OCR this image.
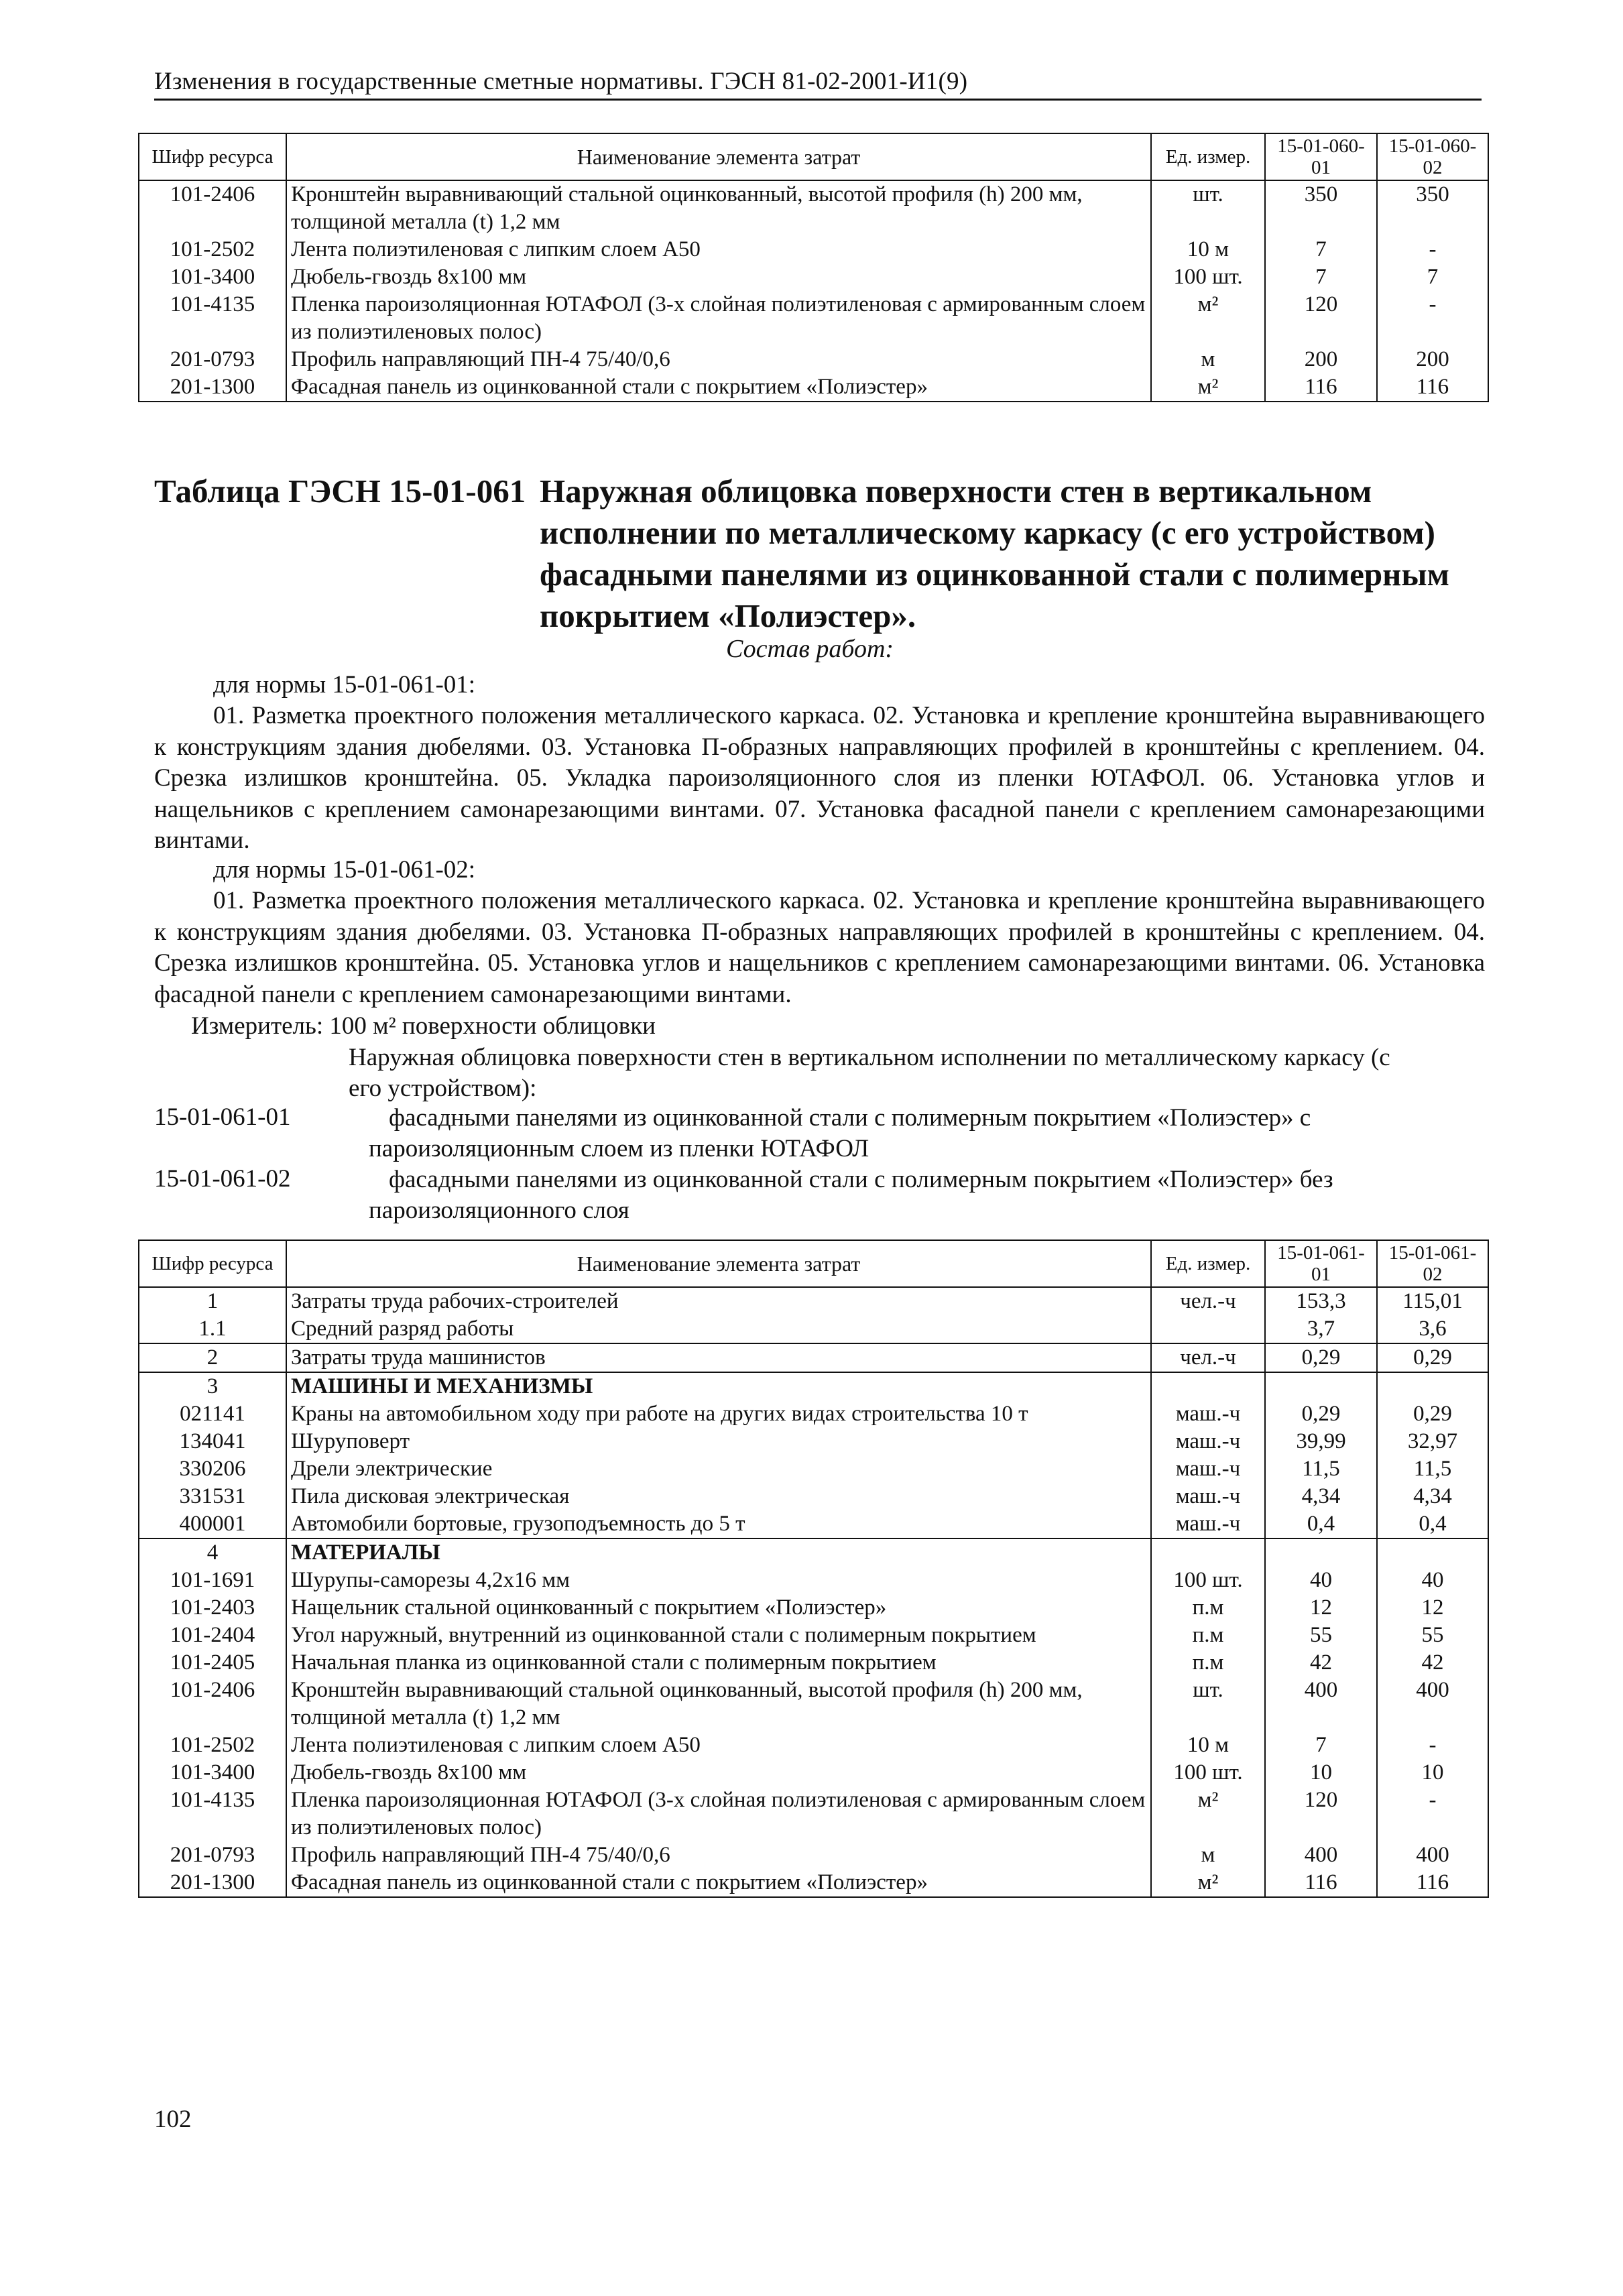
Изменения в государственные сметные нормативы. ГЭСН 81-02-2001-И1(9)
Шифр ресурса	Наименование элемента затрат	Ед. измер.	15-01-060-01	15-01-060-02
101-2406	Кронштейн выравнивающий стальной оцинкованный, высотой профиля (h) 200 мм, толщиной металла (t) 1,2 мм	шт.	350	350
101-2502	Лента полиэтиленовая с липким слоем А50	10 м	7	-
101-3400	Дюбель-гвоздь 8х100 мм	100 шт.	7	7
101-4135	Пленка пароизоляционная ЮТАФОЛ (3-х слойная полиэтиленовая с армированным слоем из полиэтиленовых полос)	м²	120	-
201-0793	Профиль направляющий ПН-4 75/40/0,6	м	200	200
201-1300	Фасадная панель из оцинкованной стали с покрытием «Полиэстер»	м²	116	116
Таблица ГЭСН 15-01-061 Наружная облицовка поверхности стен в вертикальном исполнении по металлическому каркасу (с его устройством) фасадными панелями из оцинкованной стали с полимерным покрытием «Полиэстер».
Состав работ:
для нормы 15-01-061-01:
01. Разметка проектного положения металлического каркаса. 02. Установка и крепление кронштейна выравнивающего к конструкциям здания дюбелями. 03. Установка П-образных направляющих профилей в кронштейны с креплением. 04. Срезка излишков кронштейна. 05. Укладка пароизоляционного слоя из пленки ЮТАФОЛ. 06. Установка углов и нащельников с креплением самонарезающими винтами. 07. Установка фасадной панели с креплением самонарезающими винтами.
для нормы 15-01-061-02:
01. Разметка проектного положения металлического каркаса. 02. Установка и крепление кронштейна выравнивающего к конструкциям здания дюбелями. 03. Установка П-образных направляющих профилей в кронштейны с креплением. 04. Срезка излишков кронштейна. 05. Установка углов и нащельников с креплением самонарезающими винтами. 06. Установка фасадной панели с креплением самонарезающими винтами.
Измеритель: 100 м² поверхности облицовки
Наружная облицовка поверхности стен в вертикальном исполнении по металлическому каркасу (с его устройством):
15-01-061-01	фасадными панелями из оцинкованной стали с полимерным покрытием «Полиэстер» с пароизоляционным слоем из пленки ЮТАФОЛ
15-01-061-02	фасадными панелями из оцинкованной стали с полимерным покрытием «Полиэстер» без пароизоляционного слоя
Шифр ресурса	Наименование элемента затрат	Ед. измер.	15-01-061-01	15-01-061-02
1	Затраты труда рабочих-строителей	чел.-ч	153,3	115,01
1.1	Средний разряд работы		3,7	3,6
2	Затраты труда машинистов	чел.-ч	0,29	0,29
3	МАШИНЫ И МЕХАНИЗМЫ			
021141	Краны на автомобильном ходу при работе на других видах строительства 10 т	маш.-ч	0,29	0,29
134041	Шуруповерт	маш.-ч	39,99	32,97
330206	Дрели электрические	маш.-ч	11,5	11,5
331531	Пила дисковая электрическая	маш.-ч	4,34	4,34
400001	Автомобили бортовые, грузоподъемность до 5 т	маш.-ч	0,4	0,4
4	МАТЕРИАЛЫ			
101-1691	Шурупы-саморезы 4,2х16 мм	100 шт.	40	40
101-2403	Нащельник стальной оцинкованный с покрытием «Полиэстер»	п.м	12	12
101-2404	Угол наружный, внутренний из оцинкованной стали с полимерным покрытием	п.м	55	55
101-2405	Начальная планка из оцинкованной стали с полимерным покрытием	п.м	42	42
101-2406	Кронштейн выравнивающий стальной оцинкованный, высотой профиля (h) 200 мм, толщиной металла (t) 1,2 мм	шт.	400	400
101-2502	Лента полиэтиленовая с липким слоем А50	10 м	7	-
101-3400	Дюбель-гвоздь 8х100 мм	100 шт.	10	10
101-4135	Пленка пароизоляционная ЮТАФОЛ (3-х слойная полиэтиленовая с армированным слоем из полиэтиленовых полос)	м²	120	-
201-0793	Профиль направляющий ПН-4 75/40/0,6	м	400	400
201-1300	Фасадная панель из оцинкованной стали с покрытием «Полиэстер»	м²	116	116
102
